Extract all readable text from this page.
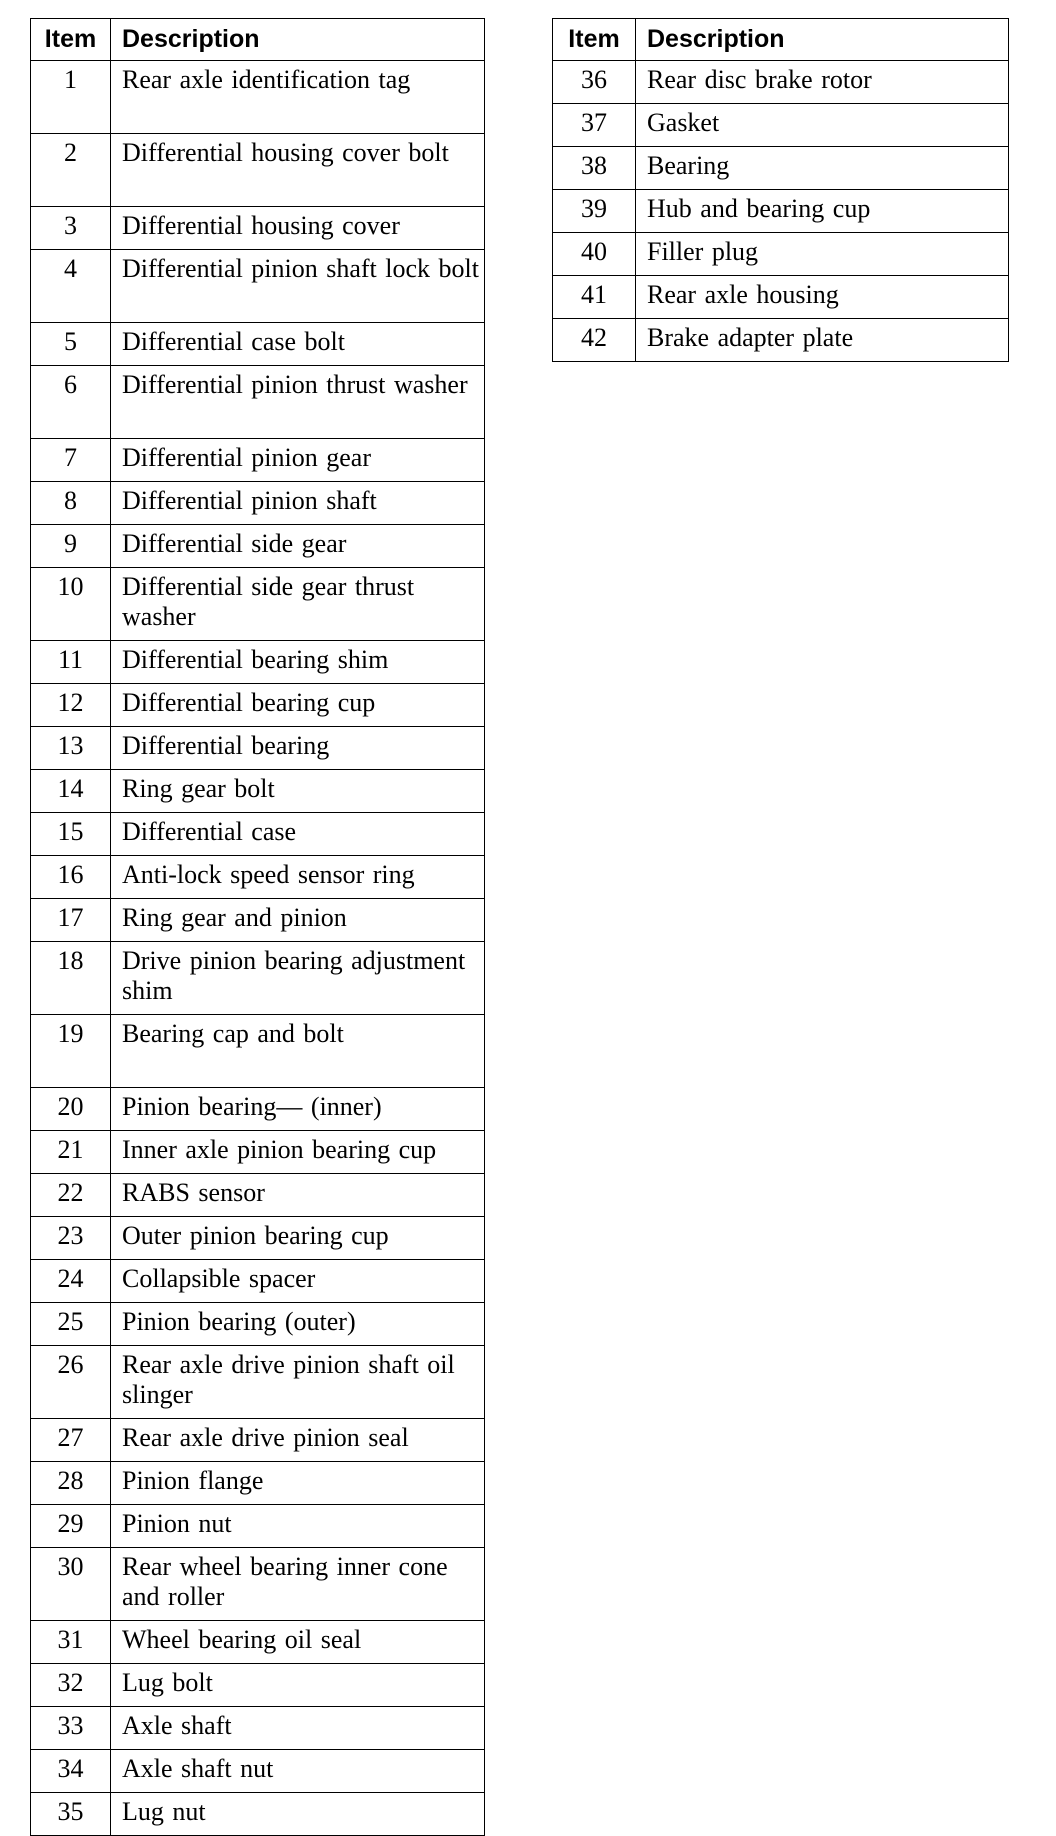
Item	Description
1	Rear axle identification tag
2	Differential housing cover bolt
3	Differential housing cover
4	Differential pinion shaft lock bolt
5	Differential case bolt
6	Differential pinion thrust washer
7	Differential pinion gear
8	Differential pinion shaft
9	Differential side gear
10	Differential side gear thrust washer
11	Differential bearing shim
12	Differential bearing cup
13	Differential bearing
14	Ring gear bolt
15	Differential case
16	Anti-lock speed sensor ring
17	Ring gear and pinion
18	Drive pinion bearing adjustment shim
19	Bearing cap and bolt
20	Pinion bearing— (inner)
21	Inner axle pinion bearing cup
22	RABS sensor
23	Outer pinion bearing cup
24	Collapsible spacer
25	Pinion bearing (outer)
26	Rear axle drive pinion shaft oil slinger
27	Rear axle drive pinion seal
28	Pinion flange
29	Pinion nut
30	Rear wheel bearing inner cone and roller
31	Wheel bearing oil seal
32	Lug bolt
33	Axle shaft
34	Axle shaft nut
35	Lug nut
Item	Description
36	Rear disc brake rotor
37	Gasket
38	Bearing
39	Hub and bearing cup
40	Filler plug
41	Rear axle housing
42	Brake adapter plate
